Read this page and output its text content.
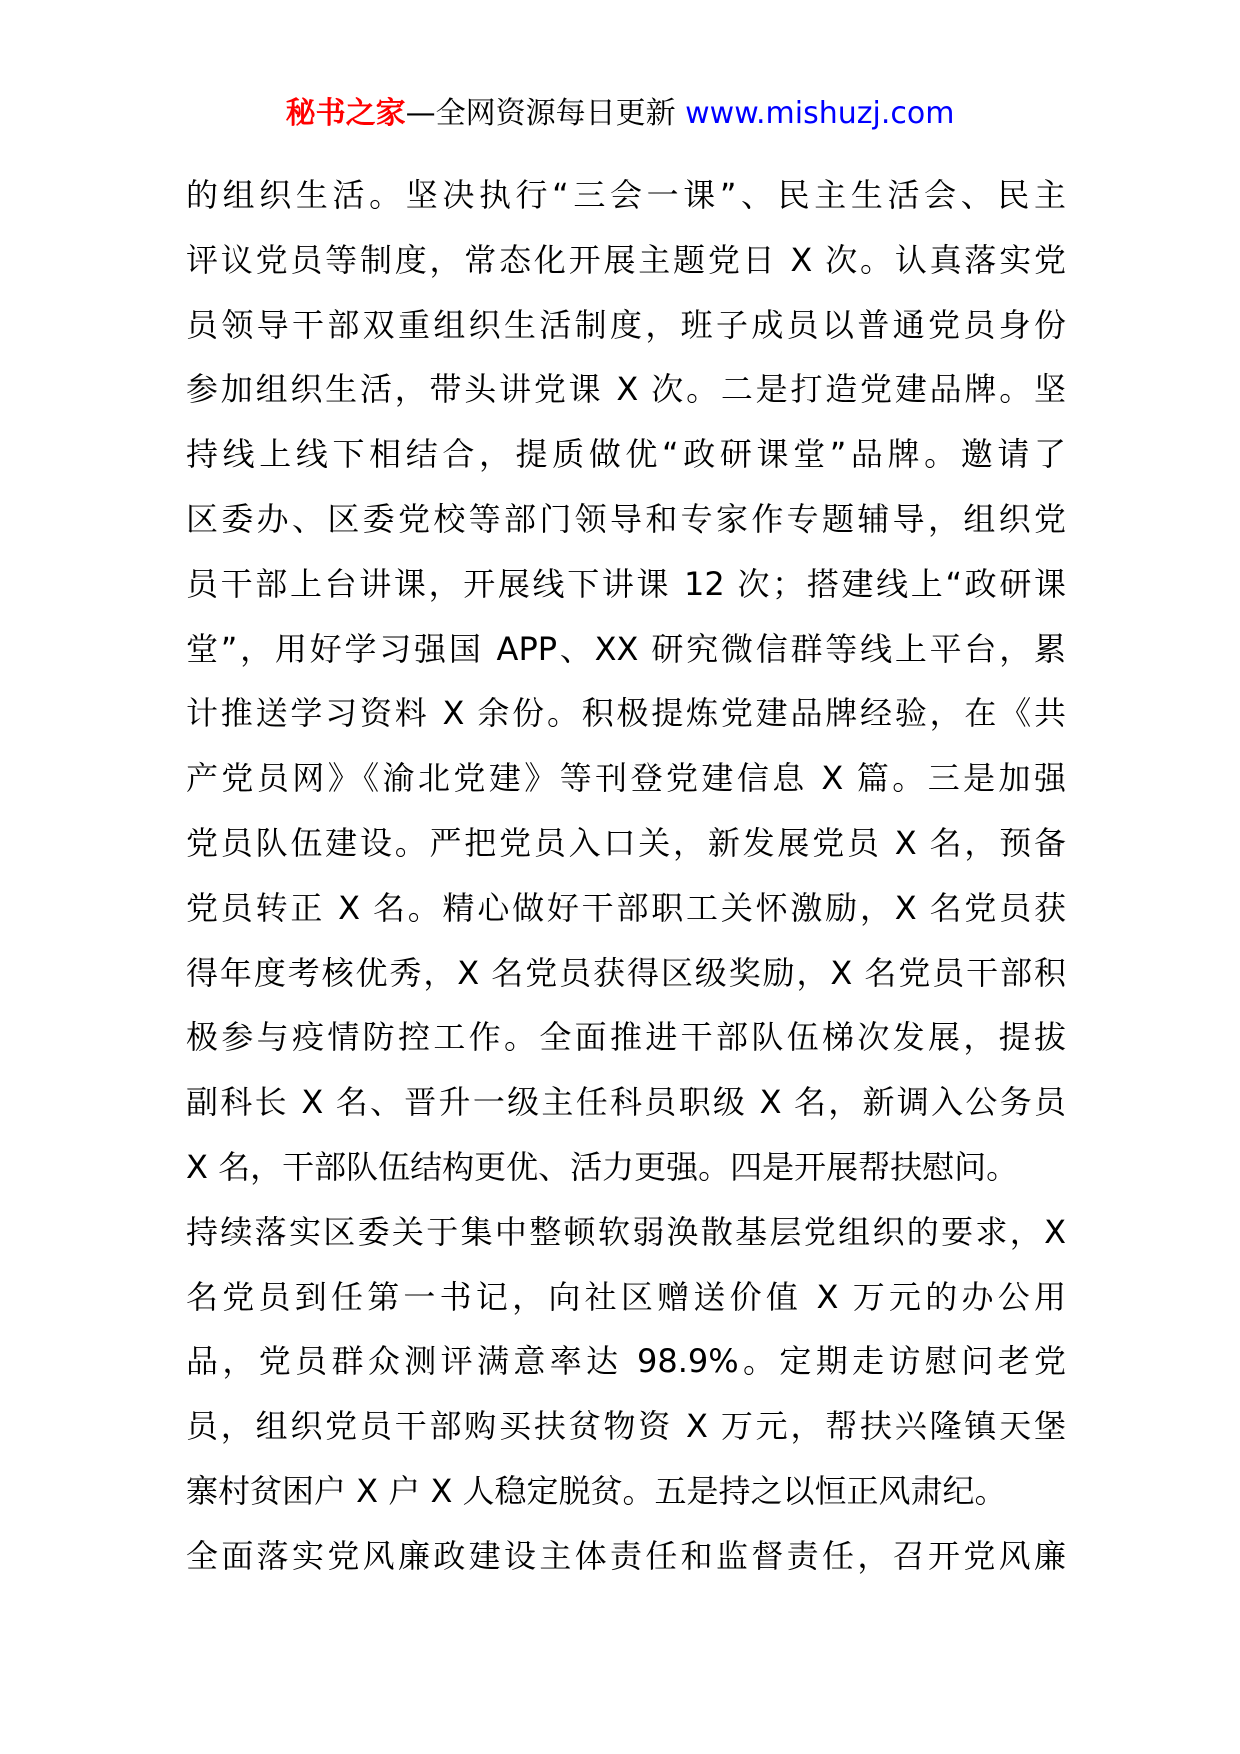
秘书之家—全网资源每日更新 www.mishuzj.com
的组织生活。坚决执行“三会一课”、民主生活会、民主
评议党员等制度，常态化开展主题党日 X 次。认真落实党
员领导干部双重组织生活制度，班子成员以普通党员身份
参加组织生活，带头讲党课 X 次。二是打造党建品牌。坚
持线上线下相结合，提质做优“政研课堂”品牌。邀请了
区委办、区委党校等部门领导和专家作专题辅导，组织党
员干部上台讲课，开展线下讲课 12 次；搭建线上“政研课
堂”，用好学习强国 APP、XX 研究微信群等线上平台，累
计推送学习资料 X 余份。积极提炼党建品牌经验，在《共
产党员网》《渝北党建》等刊登党建信息 X 篇。三是加强
党员队伍建设。严把党员入口关，新发展党员 X 名，预备
党员转正 X 名。精心做好干部职工关怀激励，X 名党员获
得年度考核优秀，X 名党员获得区级奖励，X 名党员干部积
极参与疫情防控工作。全面推进干部队伍梯次发展，提拔
副科长 X 名、晋升一级主任科员职级 X 名，新调入公务员
X 名，干部队伍结构更优、活力更强。四是开展帮扶慰问。
持续落实区委关于集中整顿软弱涣散基层党组织的要求，X
名党员到任第一书记，向社区赠送价值 X 万元的办公用
品，党员群众测评满意率达 98.9%。定期走访慰问老党
员，组织党员干部购买扶贫物资 X 万元，帮扶兴隆镇天堡
寨村贫困户 X 户 X 人稳定脱贫。五是持之以恒正风肃纪。
全面落实党风廉政建设主体责任和监督责任，召开党风廉
